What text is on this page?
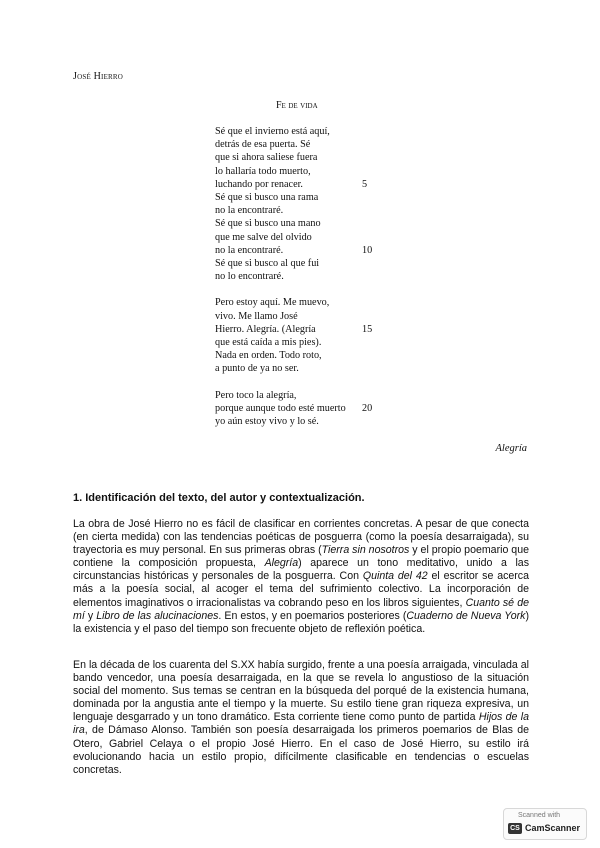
José Hierro
Fe de vida
Sé que el invierno está aquí,
detrás de esa puerta. Sé
que si ahora saliese fuera
lo hallaría todo muerto,
luchando por renacer.	5
Sé que si busco una rama
no la encontraré.
Sé que si busco una mano
que me salve del olvido
no la encontraré.	10
Sé que si busco al que fui
no lo encontraré.
Pero estoy aquí. Me muevo,
vivo. Me llamo José
Hierro. Alegría. (Alegría	15
que está caída a mis pies).
Nada en orden. Todo roto,
a punto de ya no ser.
Pero toco la alegría,
porque aunque todo esté muerto 20
yo aún estoy vivo y lo sé.
Alegría
1. Identificación del texto, del autor y contextualización.
La obra de José Hierro no es fácil de clasificar en corrientes concretas. A pesar de que conecta (en cierta medida) con las tendencias poéticas de posguerra (como la poesía desarraigada), su trayectoria es muy personal. En sus primeras obras (Tierra sin nosotros y el propio poemario que contiene la composición propuesta, Alegría) aparece un tono meditativo, unido a las circunstancias históricas y personales de la posguerra. Con Quinta del 42 el escritor se acerca más a la poesía social, al acoger el tema del sufrimiento colectivo. La incorporación de elementos imaginativos o irracionalistas va cobrando peso en los libros siguientes, Cuanto sé de mí y Libro de las alucinaciones. En estos, y en poemarios posteriores (Cuaderno de Nueva York) la existencia y el paso del tiempo son frecuente objeto de reflexión poética.
En la década de los cuarenta del S.XX había surgido, frente a una poesía arraigada, vinculada al bando vencedor, una poesía desarraigada, en la que se revela lo angustioso de la situación social del momento. Sus temas se centran en la búsqueda del porqué de la existencia humana, dominada por la angustia ante el tiempo y la muerte. Su estilo tiene gran riqueza expresiva, un lenguaje desgarrado y un tono dramático. Esta corriente tiene como punto de partida Hijos de la ira, de Dámaso Alonso. También son poesía desarraigada los primeros poemarios de Blas de Otero, Gabriel Celaya o el propio José Hierro. En el caso de José Hierro, su estilo irá evolucionando hacia un estilo propio, difícilmente clasificable en tendencias o escuelas concretas.
Scanned with
CS CamScanner
